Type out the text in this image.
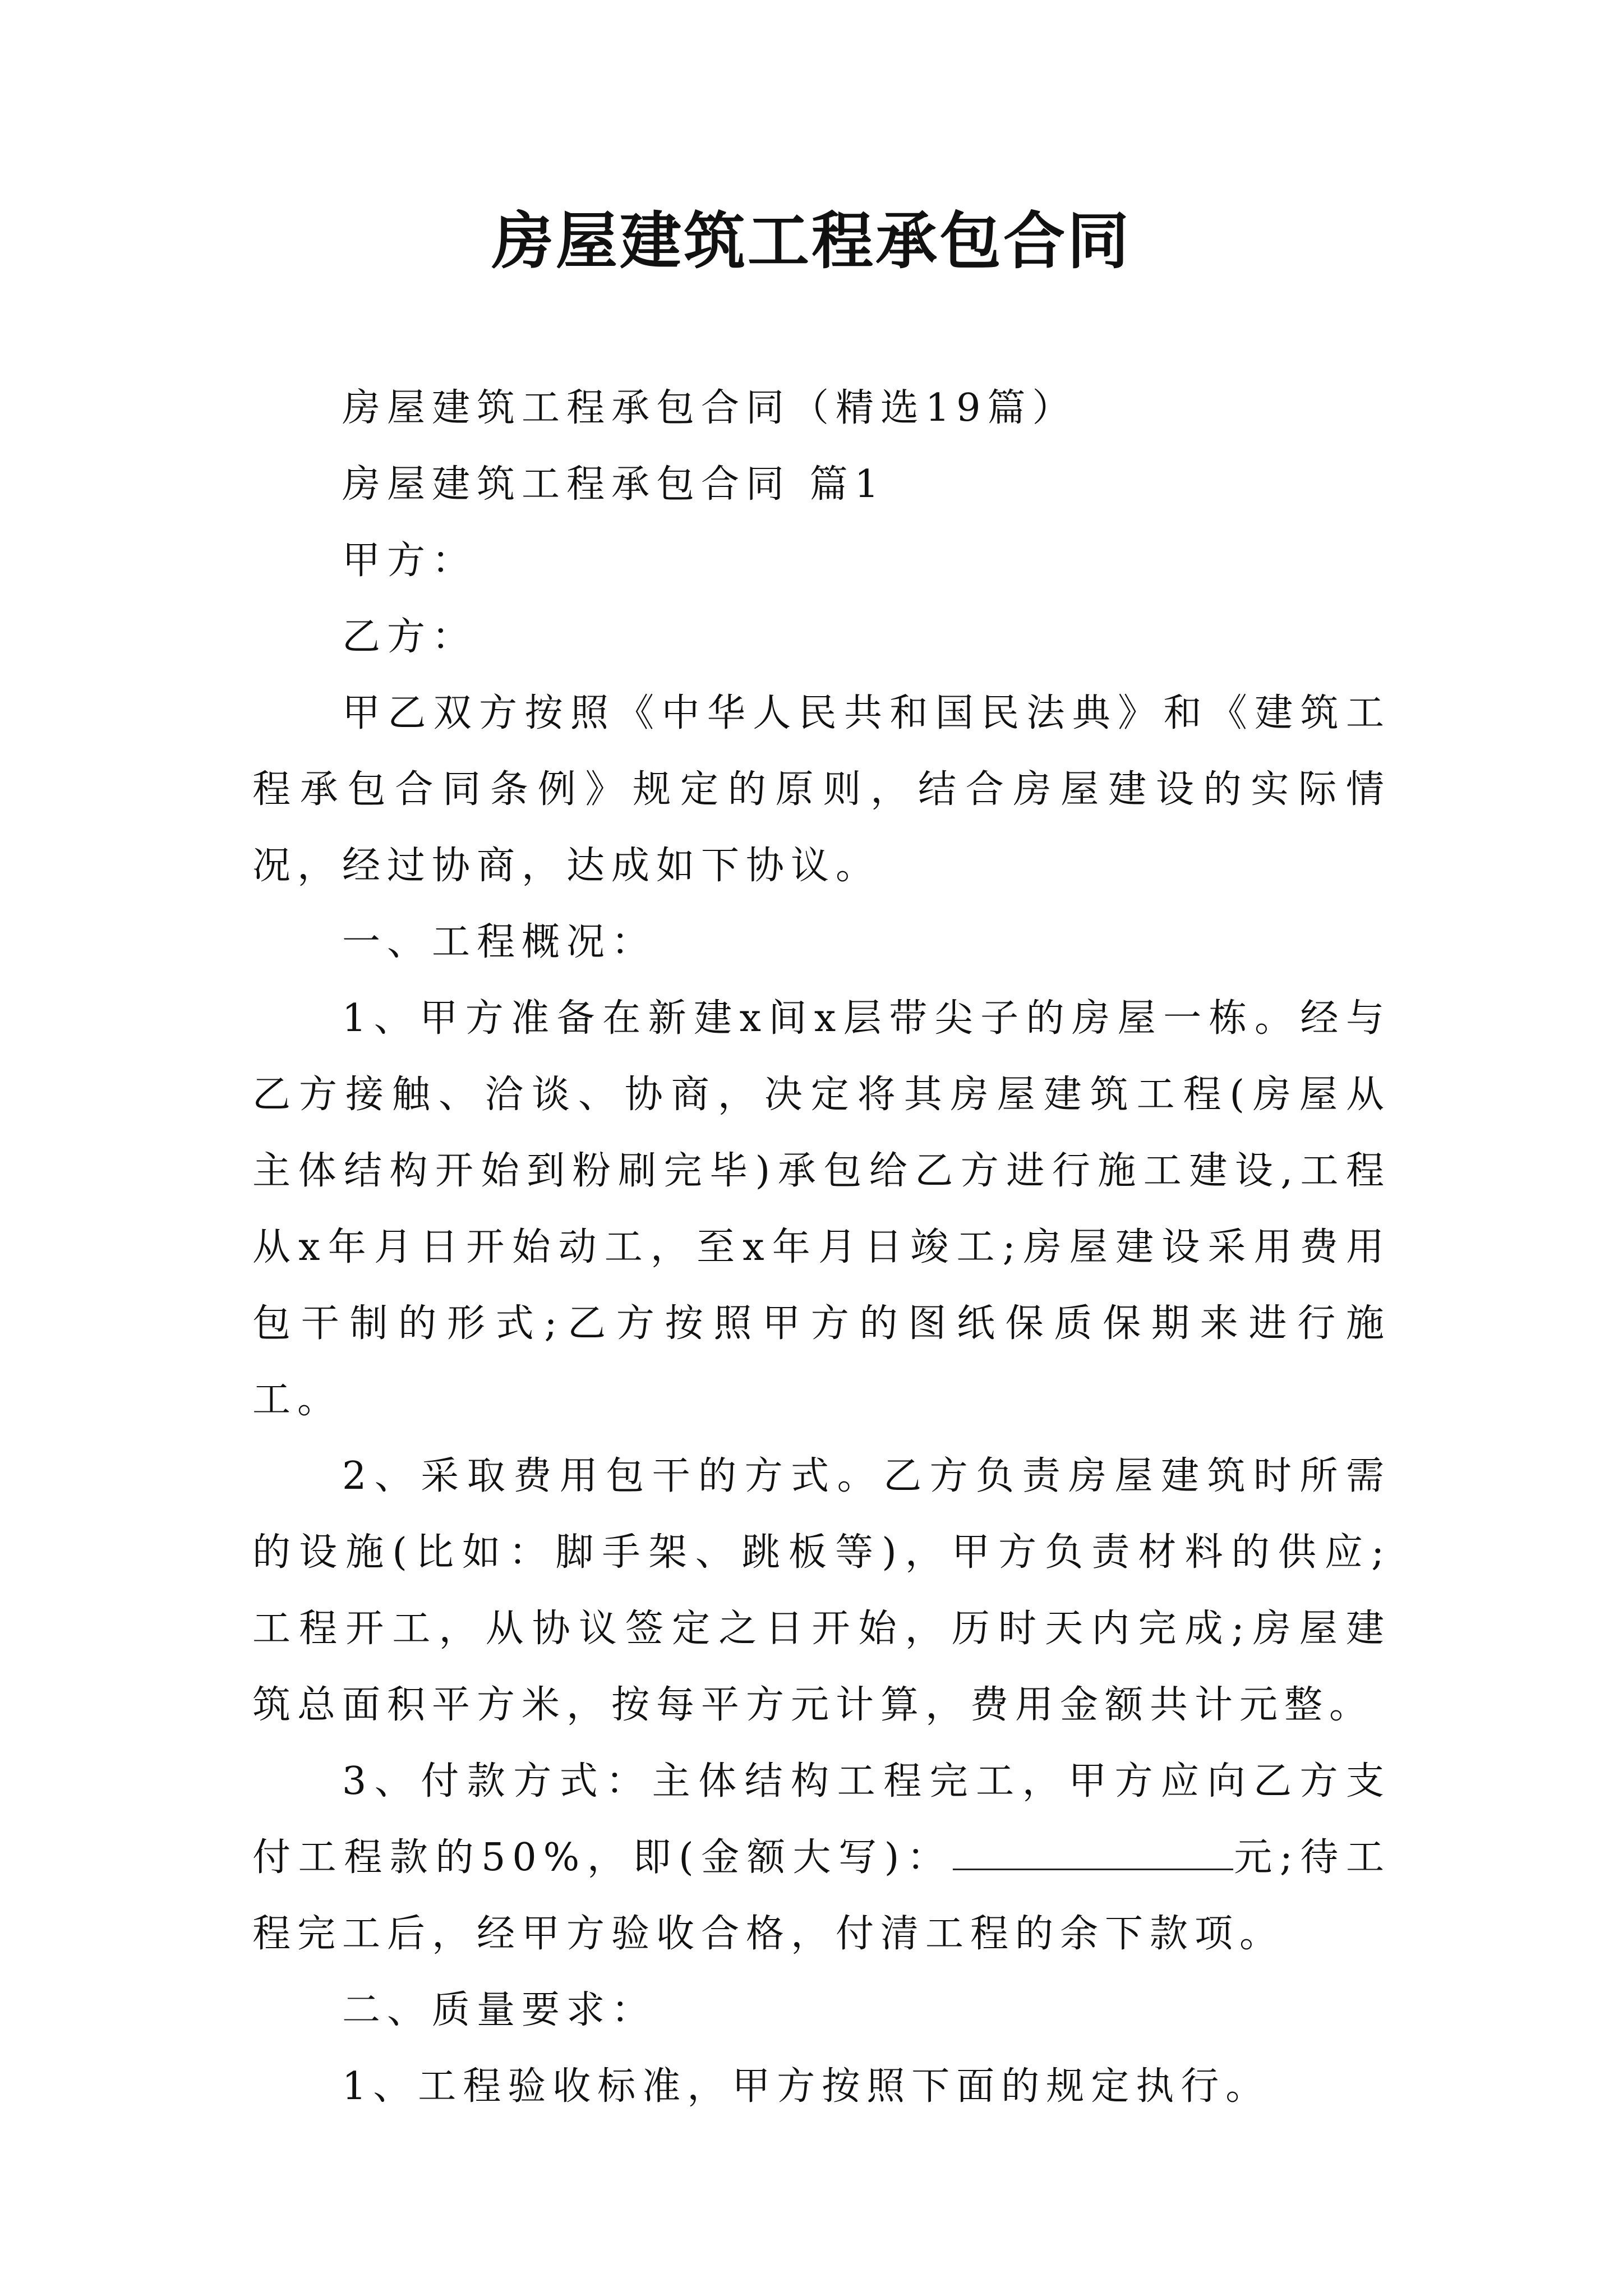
房屋建筑工程承包合同

房屋建筑工程承包合同（精选19篇）

房屋建筑工程承包合同 篇1

甲方：

乙方：

甲乙双方按照《中华人民共和国民法典》和《建筑工程承包合同条例》规定的原则，结合房屋建设的实际情况，经过协商，达成如下协议。

一、工程概况：

1、甲方准备在新建x间x层带尖子的房屋一栋。经与乙方接触、洽谈、协商，决定将其房屋建筑工程(房屋从主体结构开始到粉刷完毕)承包给乙方进行施工建设,工程从x年月日开始动工，至x年月日竣工;房屋建设采用费用包干制的形式;乙方按照甲方的图纸保质保期来进行施工。

2、采取费用包干的方式。乙方负责房屋建筑时所需的设施(比如：脚手架、跳板等)，甲方负责材料的供应;工程开工，从协议签定之日开始，历时天内完成;房屋建筑总面积平方米，按每平方元计算，费用金额共计元整。

3、付款方式：主体结构工程完工，甲方应向乙方支付工程款的50%，即(金额大写)：	元;待工程完工后，经甲方验收合格，付清工程的余下款项。

二、质量要求：

1、工程验收标准，甲方按照下面的规定执行。
